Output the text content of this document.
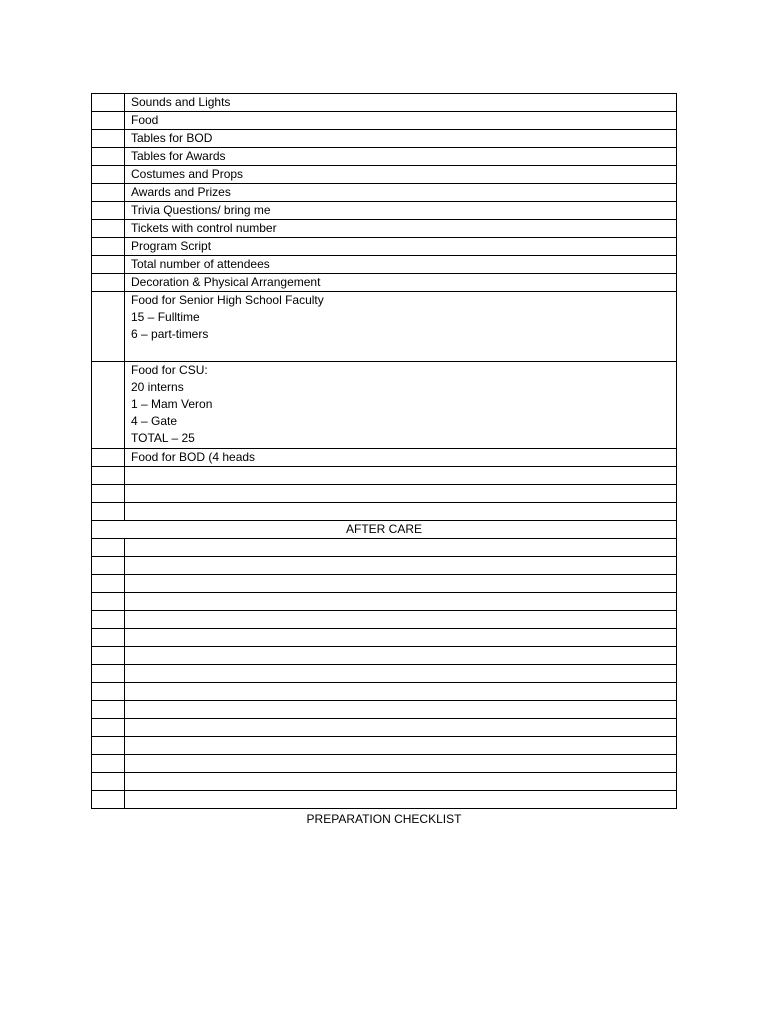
	Sounds and Lights
	Food
	Tables for BOD
	Tables for Awards
	Costumes and Props
	Awards and Prizes
	Trivia Questions/ bring me
	Tickets with control number
	Program Script
	Total number of attendees
	Decoration & Physical Arrangement

	Food for Senior High School Faculty
15 – Fulltime
6 – part-timers

	Food for CSU:
20 interns
1 – Mam Veron
4 – Gate
TOTAL – 25

	Food for BOD (4 heads

AFTER CARE	

PREPARATION CHECKLIST
